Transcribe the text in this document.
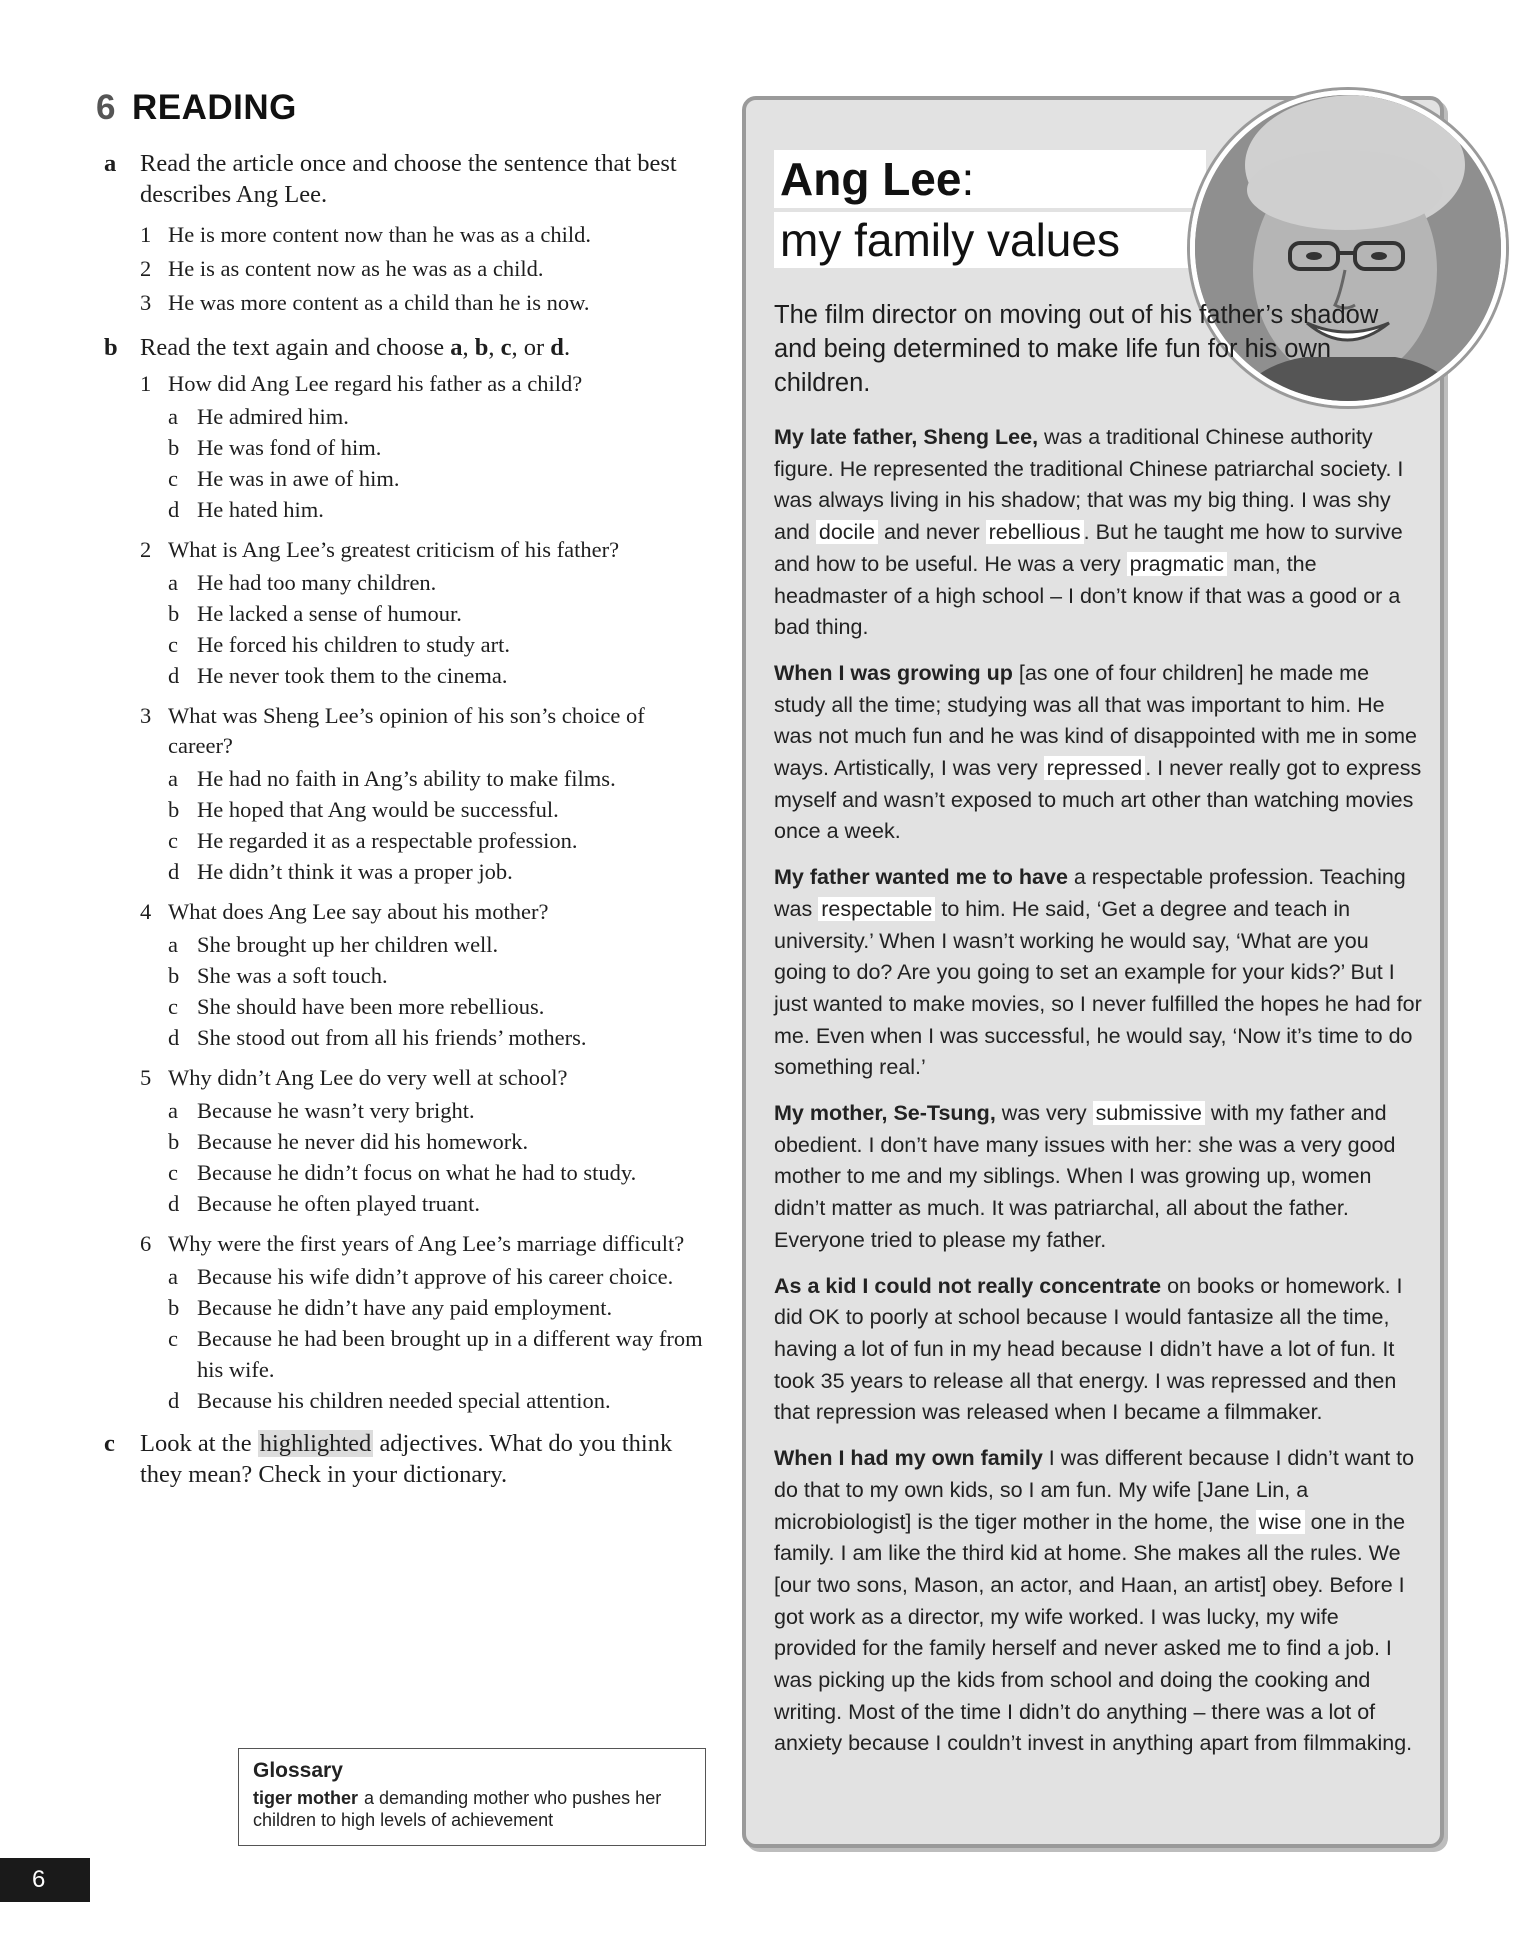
6 READING
a Read the article once and choose the sentence that best describes Ang Lee.

1 He is more content now than he was as a child.
2 He is as content now as he was as a child.
3 He was more content as a child than he is now.
b Read the text again and choose a, b, c, or d.

1 How did Ang Lee regard his father as a child?
a He admired him.
b He was fond of him.
c He was in awe of him.
d He hated him.
2 What is Ang Lee’s greatest criticism of his father?
a He had too many children.
b He lacked a sense of humour.
c He forced his children to study art.
d He never took them to the cinema.
3 What was Sheng Lee’s opinion of his son’s choice of career?
a He had no faith in Ang’s ability to make films.
b He hoped that Ang would be successful.
c He regarded it as a respectable profession.
d He didn’t think it was a proper job.
4 What does Ang Lee say about his mother?
a She brought up her children well.
b She was a soft touch.
c She should have been more rebellious.
d She stood out from all his friends’ mothers.
5 Why didn’t Ang Lee do very well at school?
a Because he wasn’t very bright.
b Because he never did his homework.
c Because he didn’t focus on what he had to study.
d Because he often played truant.
6 Why were the first years of Ang Lee’s marriage difficult?
a Because his wife didn’t approve of his career choice.
b Because he didn’t have any paid employment.
c Because he had been brought up in a different way from his wife.
d Because his children needed special attention.
c Look at the highlighted adjectives. What do you think they mean? Check in your dictionary.

Glossary
tiger mother a demanding mother who pushes her children to high levels of achievement
6
Ang Lee:
my family values
The film director on moving out of his father’s shadow and being determined to make life fun for his own children.

My late father, Sheng Lee, was a traditional Chinese authority figure. He represented the traditional Chinese patriarchal society. I was always living in his shadow; that was my big thing. I was shy and docile and never rebellious . But he taught me how to survive and how to be useful. He was a very pragmatic man, the headmaster of a high school – I don’t know if that was a good or a bad thing.

When I was growing up [as one of four children] he made me study all the time; studying was all that was important to him. He was not much fun and he was kind of disappointed with me in some ways. Artistically, I was very repressed . I never really got to express myself and wasn’t exposed to much art other than watching movies once a week.

My father wanted me to have a respectable profession. Teaching was respectable to him. He said, ‘Get a degree and teach in university.’ When I wasn’t working he would say, ‘What are you going to do? Are you going to set an example for your kids?’ But I just wanted to make movies, so I never fulfilled the hopes he had for me. Even when I was successful, he would say, ‘Now it’s time to do something real.’

My mother, Se-Tsung, was very submissive with my father and obedient. I don’t have many issues with her: she was a very good mother to me and my siblings. When I was growing up, women didn’t matter as much. It was patriarchal, all about the father. Everyone tried to please my father.

As a kid I could not really concentrate on books or homework. I did OK to poorly at school because I would fantasize all the time, having a lot of fun in my head because I didn’t have a lot of fun. It took 35 years to release all that energy. I was repressed and then that repression was released when I became a filmmaker.

When I had my own family I was different because I didn’t want to do that to my own kids, so I am fun. My wife [Jane Lin, a microbiologist] is the tiger mother in the home, the wise one in the family. I am like the third kid at home. She makes all the rules. We [our two sons, Mason, an actor, and Haan, an artist] obey. Before I got work as a director, my wife worked. I was lucky, my wife provided for the family herself and never asked me to find a job. I was picking up the kids from school and doing the cooking and writing. Most of the time I didn’t do anything – there was a lot of anxiety because I couldn’t invest in anything apart from filmmaking.
